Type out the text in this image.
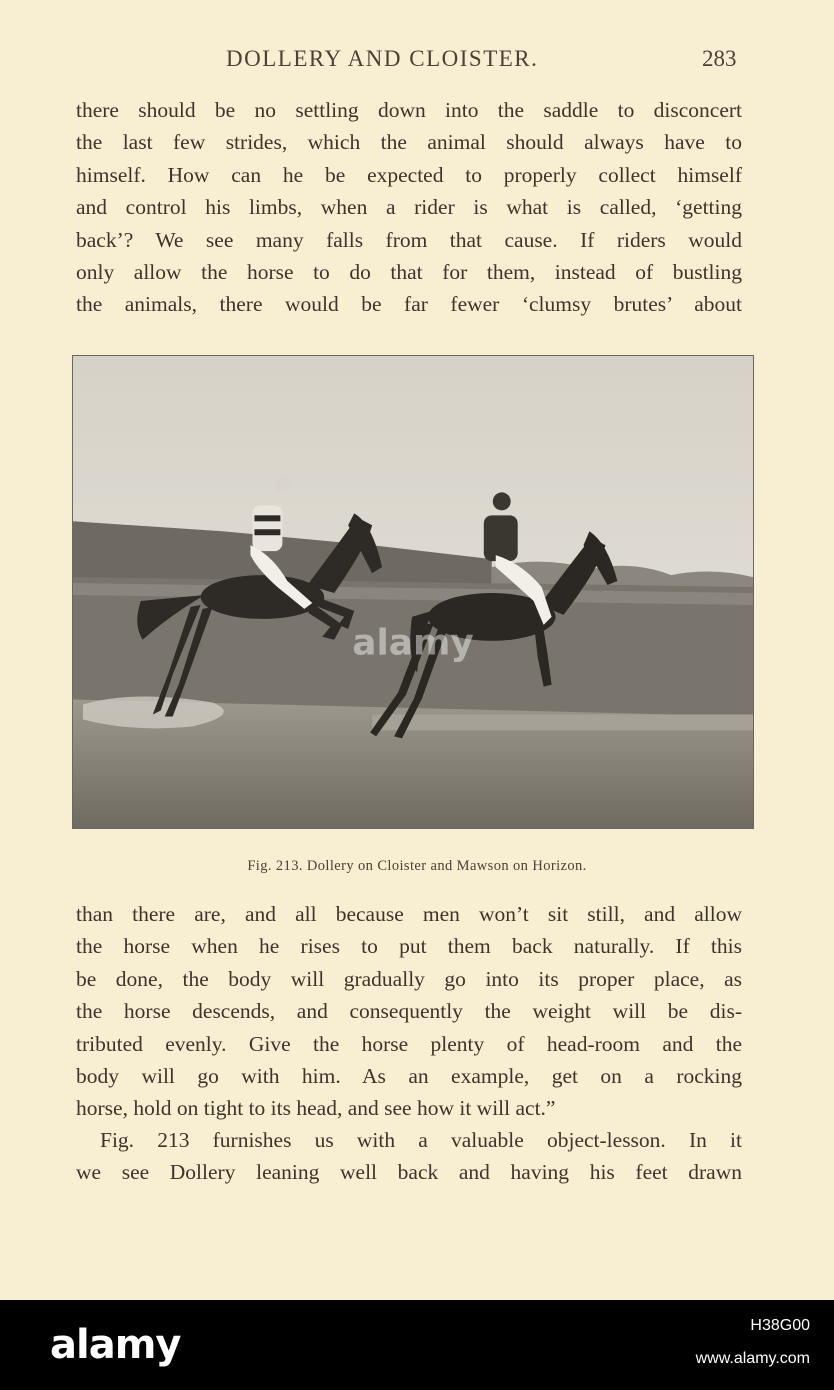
DOLLERY AND CLOISTER.	283
there should be no settling down into the saddle to disconcert
the last few strides, which the animal should always have to
himself. How can he be expected to properly collect himself
and control his limbs, when a rider is what is called, ‘getting
back’? We see many falls from that cause. If riders would
only allow the horse to do that for them, instead of bustling
the animals, there would be far fewer ‘clumsy brutes’ about
alamy
Fig. 213. Dollery on Cloister and Mawson on Horizon.
than there are, and all because men won’t sit still, and allow
the horse when he rises to put them back naturally. If this
be done, the body will gradually go into its proper place, as
the horse descends, and consequently the weight will be dis-
tributed evenly. Give the horse plenty of head-room and the
body will go with him. As an example, get on a rocking
horse, hold on tight to its head, and see how it will act.”
Fig. 213 furnishes us with a valuable object-lesson. In it
we see Dollery leaning well back and having his feet drawn
alamy	H38G00
www.alamy.com
